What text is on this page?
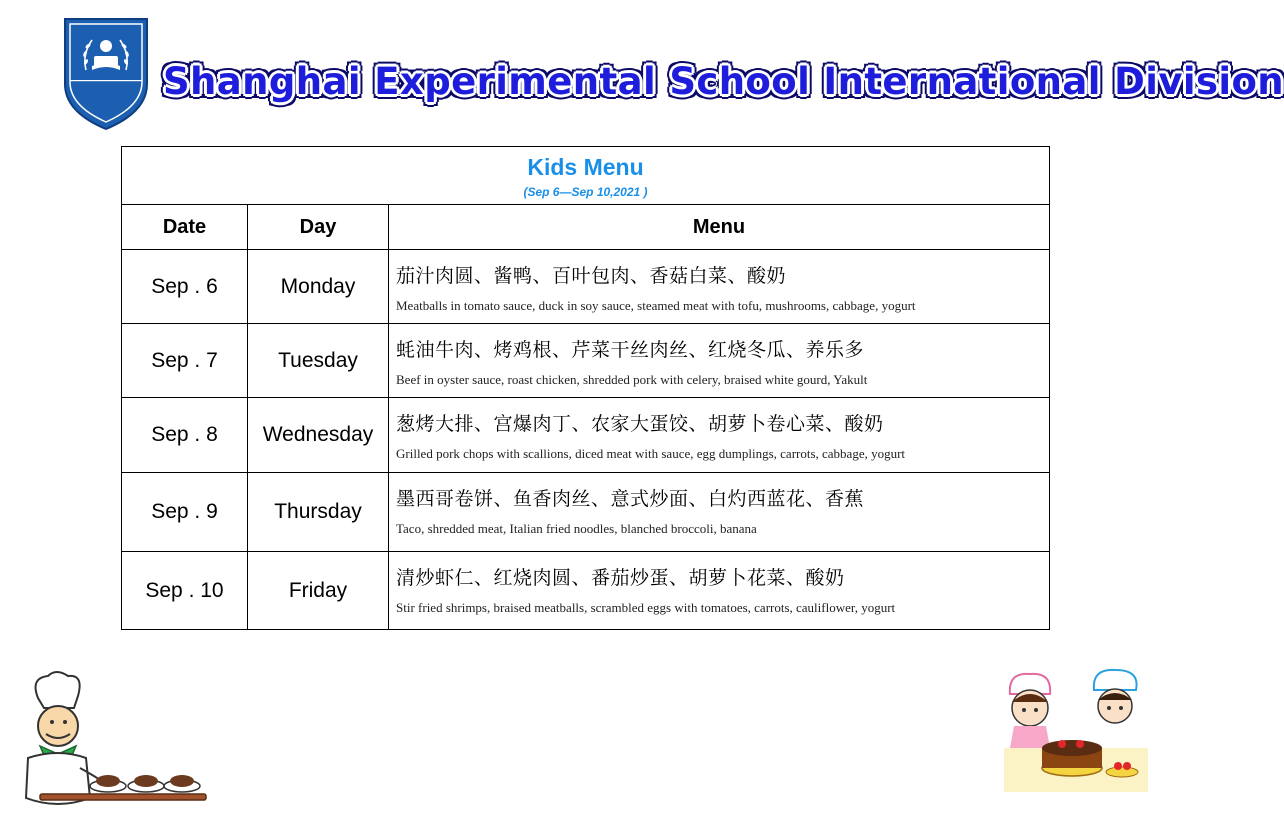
Shanghai Experimental School International Division
Kids Menu
(Sep 6—Sep 10,2021 )		

Date	Day	Menu
Sep . 6	Monday	茄汁肉圆、酱鸭、百叶包肉、香菇白菜、酸奶
Meatballs in tomato sauce, duck in soy sauce, steamed meat with tofu, mushrooms, cabbage, yogurt

Sep . 7	Tuesday	蚝油牛肉、烤鸡根、芹菜干丝肉丝、红烧冬瓜、养乐多
Beef in oyster sauce, roast chicken, shredded pork with celery, braised white gourd, Yakult

Sep . 8	Wednesday	葱烤大排、宫爆肉丁、农家大蛋饺、胡萝卜卷心菜、酸奶
Grilled pork chops with scallions, diced meat with sauce, egg dumplings, carrots, cabbage, yogurt

Sep . 9	Thursday	墨西哥卷饼、鱼香肉丝、意式炒面、白灼西蓝花、香蕉
Taco, shredded meat, Italian fried noodles, blanched broccoli, banana

Sep . 10	Friday	清炒虾仁、红烧肉圆、番茄炒蛋、胡萝卜花菜、酸奶
Stir fried shrimps, braised meatballs, scrambled eggs with tomatoes, carrots, cauliflower, yogurt
